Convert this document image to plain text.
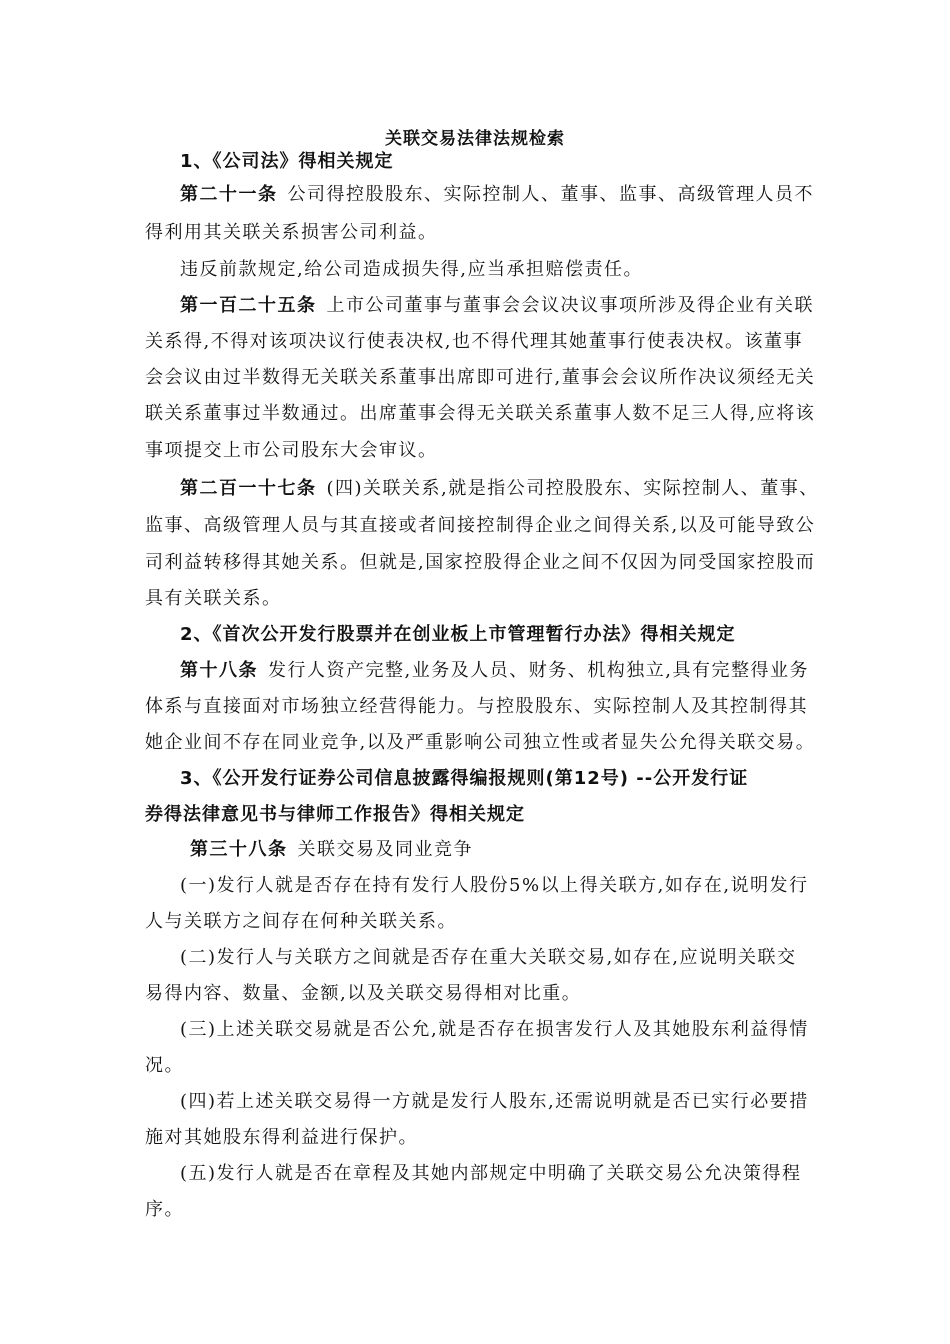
关联交易法律法规检索
1、《公司法》得相关规定
第二十一条 公司得控股股东、实际控制人、董事、监事、高级管理人员不
得利用其关联关系损害公司利益。
违反前款规定,给公司造成损失得,应当承担赔偿责任。
第一百二十五条 上市公司董事与董事会会议决议事项所涉及得企业有关联
关系得,不得对该项决议行使表决权,也不得代理其她董事行使表决权。该董事
会会议由过半数得无关联关系董事出席即可进行,董事会会议所作决议须经无关
联关系董事过半数通过。出席董事会得无关联关系董事人数不足三人得,应将该
事项提交上市公司股东大会审议。
第二百一十七条 (四)关联关系,就是指公司控股股东、实际控制人、董事、
监事、高级管理人员与其直接或者间接控制得企业之间得关系,以及可能导致公
司利益转移得其她关系。但就是,国家控股得企业之间不仅因为同受国家控股而
具有关联关系。
2、《首次公开发行股票并在创业板上市管理暂行办法》得相关规定
第十八条 发行人资产完整,业务及人员、财务、机构独立,具有完整得业务
体系与直接面对市场独立经营得能力。与控股股东、实际控制人及其控制得其
她企业间不存在同业竞争,以及严重影响公司独立性或者显失公允得关联交易。
3、《公开发行证券公司信息披露得编报规则(第12号) --公开发行证
券得法律意见书与律师工作报告》得相关规定
第三十八条 关联交易及同业竞争
(一)发行人就是否存在持有发行人股份5%以上得关联方,如存在,说明发行
人与关联方之间存在何种关联关系。
(二)发行人与关联方之间就是否存在重大关联交易,如存在,应说明关联交
易得内容、数量、金额,以及关联交易得相对比重。
(三)上述关联交易就是否公允,就是否存在损害发行人及其她股东利益得情
况。
(四)若上述关联交易得一方就是发行人股东,还需说明就是否已实行必要措
施对其她股东得利益进行保护。
(五)发行人就是否在章程及其她内部规定中明确了关联交易公允决策得程
序。
